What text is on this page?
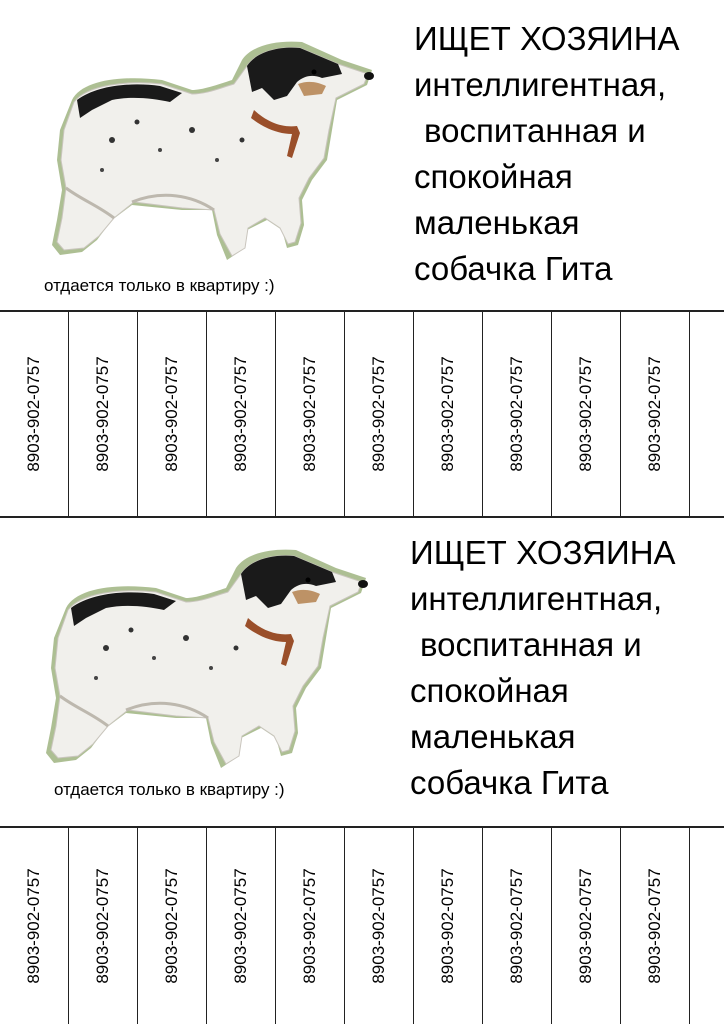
ИЩЕТ ХОЗЯИНА
интеллигентная,
воспитанная и
спокойная
маленькая
собачка Гита

отдается только в квартиру :)

8903-902-0757	8903-902-0757	8903-902-0757	8903-902-0757	8903-902-0757	8903-902-0757	8903-902-0757	8903-902-0757	8903-902-0757	8903-902-0757
ИЩЕТ ХОЗЯИНА
интеллигентная,
воспитанная и
спокойная
маленькая
собачка Гита

отдается только в квартиру :)

8903-902-0757	8903-902-0757	8903-902-0757	8903-902-0757	8903-902-0757	8903-902-0757	8903-902-0757	8903-902-0757	8903-902-0757	8903-902-0757
